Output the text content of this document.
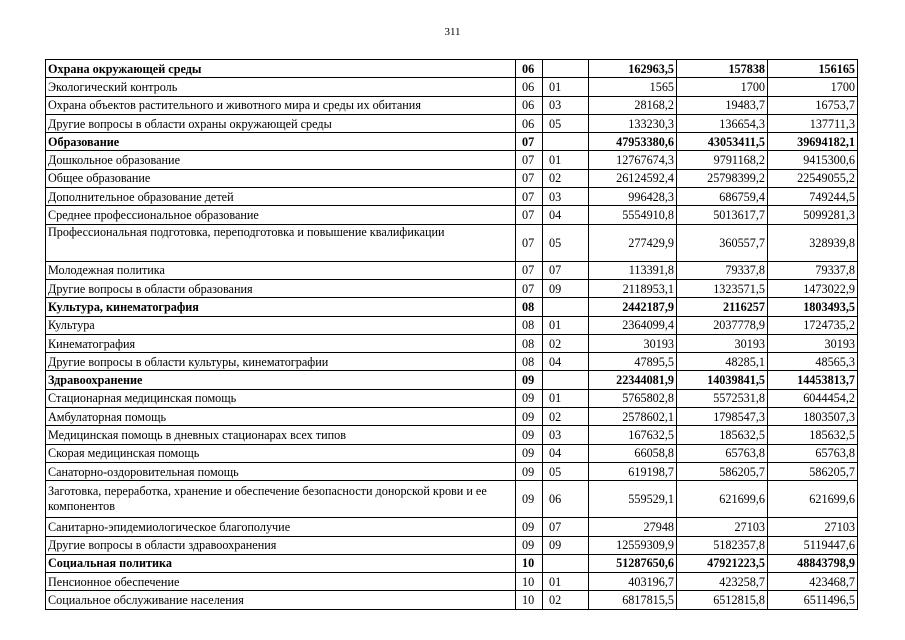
311
Охрана окружающей среды	06		162963,5	157838	156165
Экологический контроль	06	01	1565	1700	1700
Охрана объектов растительного и животного мира и среды их обитания	06	03	28168,2	19483,7	16753,7
Другие вопросы в области охраны окружающей среды	06	05	133230,3	136654,3	137711,3
Образование	07		47953380,6	43053411,5	39694182,1
Дошкольное образование	07	01	12767674,3	9791168,2	9415300,6
Общее образование	07	02	26124592,4	25798399,2	22549055,2
Дополнительное образование детей	07	03	996428,3	686759,4	749244,5
Среднее профессиональное образование	07	04	5554910,8	5013617,7	5099281,3
Профессиональная подготовка, переподготовка и повышение квалификации	07	05	277429,9	360557,7	328939,8
Молодежная политика	07	07	113391,8	79337,8	79337,8
Другие вопросы в области образования	07	09	2118953,1	1323571,5	1473022,9
Культура, кинематография	08		2442187,9	2116257	1803493,5
Культура	08	01	2364099,4	2037778,9	1724735,2
Кинематография	08	02	30193	30193	30193
Другие вопросы в области культуры, кинематографии	08	04	47895,5	48285,1	48565,3
Здравоохранение	09		22344081,9	14039841,5	14453813,7
Стационарная медицинская помощь	09	01	5765802,8	5572531,8	6044454,2
Амбулаторная помощь	09	02	2578602,1	1798547,3	1803507,3
Медицинская помощь в дневных стационарах всех типов	09	03	167632,5	185632,5	185632,5
Скорая медицинская помощь	09	04	66058,8	65763,8	65763,8
Санаторно-оздоровительная помощь	09	05	619198,7	586205,7	586205,7
Заготовка, переработка, хранение и обеспечение безопасности донорской крови и ее компонентов	09	06	559529,1	621699,6	621699,6
Санитарно-эпидемиологическое благополучие	09	07	27948	27103	27103
Другие вопросы в области здравоохранения	09	09	12559309,9	5182357,8	5119447,6
Социальная политика	10		51287650,6	47921223,5	48843798,9
Пенсионное обеспечение	10	01	403196,7	423258,7	423468,7
Социальное обслуживание населения	10	02	6817815,5	6512815,8	6511496,5
